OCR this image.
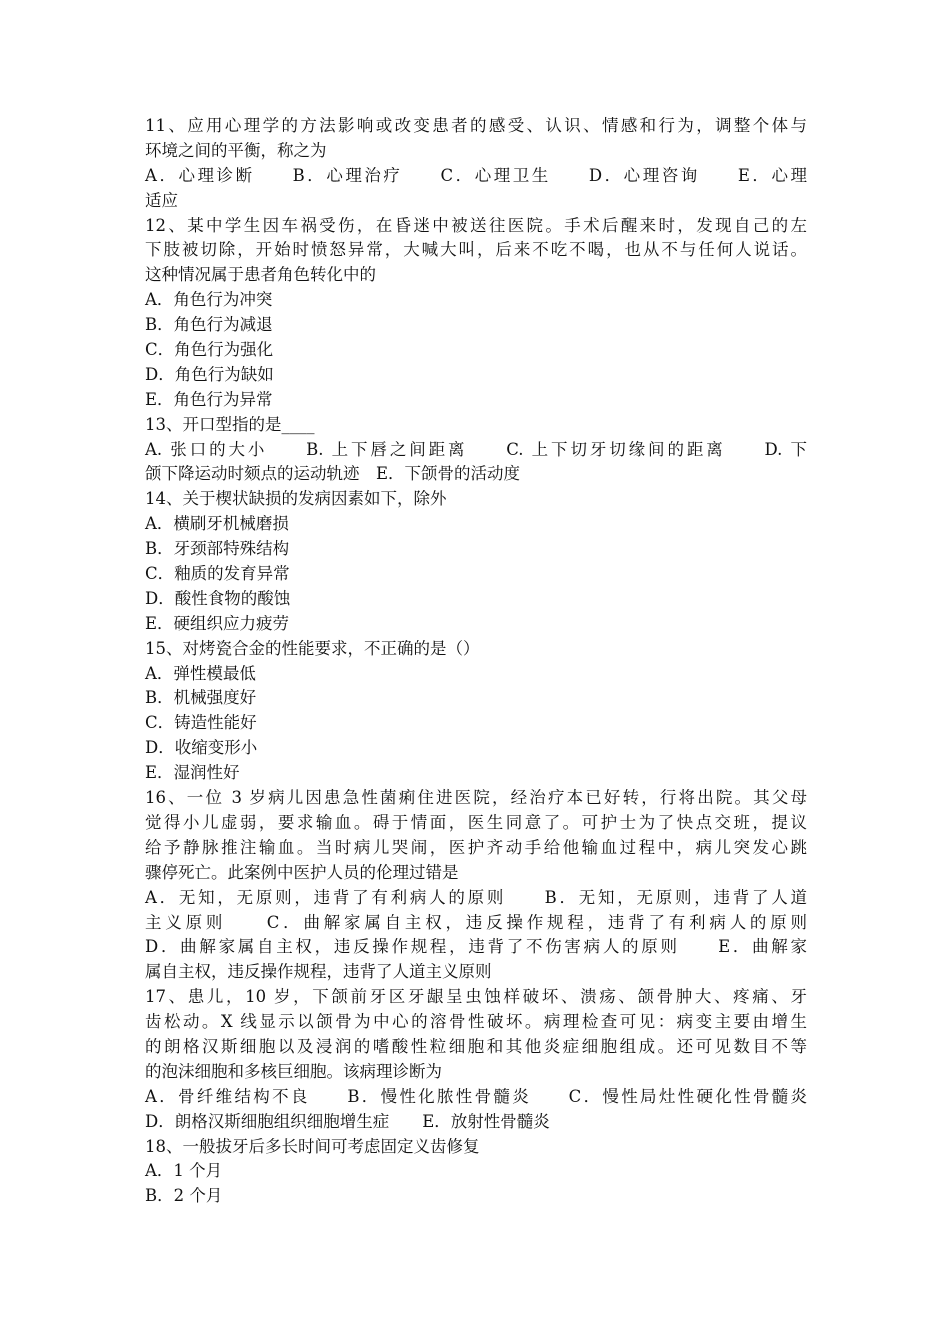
11、应用心理学的方法影响或改变患者的感受、认识、情感和行为，调整个体与
环境之间的平衡，称之为
A．心理诊断　　B．心理治疗　　C．心理卫生　　D．心理咨询　　E．心理
适应
12、某中学生因车祸受伤，在昏迷中被送往医院。手术后醒来时，发现自己的左
下肢被切除，开始时愤怒异常，大喊大叫，后来不吃不喝，也从不与任何人说话。
这种情况属于患者角色转化中的
A．角色行为冲突
B．角色行为减退
C．角色行为强化
D．角色行为缺如
E．角色行为异常
13、开口型指的是____
A. 张口的大小　　B. 上下唇之间距离　　C. 上下切牙切缘间的距离　　D. 下
颌下降运动时颏点的运动轨迹　E．下颌骨的活动度
14、关于楔状缺损的发病因素如下，除外
A．横刷牙机械磨损
B．牙颈部特殊结构
C．釉质的发育异常
D．酸性食物的酸蚀
E．硬组织应力疲劳
15、对烤瓷合金的性能要求，不正确的是（）
A．弹性模最低
B．机械强度好
C．铸造性能好
D．收缩变形小
E．湿润性好
16、一位 3 岁病儿因患急性菌痢住进医院，经治疗本已好转，行将出院。其父母
觉得小儿虚弱，要求输血。碍于情面，医生同意了。可护士为了快点交班，提议
给予静脉推注输血。当时病儿哭闹，医护齐动手给他输血过程中，病儿突发心跳
骤停死亡。此案例中医护人员的伦理过错是
A．无知，无原则，违背了有利病人的原则　　B．无知，无原则，违背了人道
主义原则　　C．曲解家属自主权，违反操作规程，违背了有利病人的原则
D．曲解家属自主权，违反操作规程，违背了不伤害病人的原则　　E．曲解家
属自主权，违反操作规程，违背了人道主义原则
17、患儿，10 岁，下颌前牙区牙龈呈虫蚀样破坏、溃疡、颌骨肿大、疼痛、牙
齿松动。X 线显示以颌骨为中心的溶骨性破坏。病理检查可见：病变主要由增生
的朗格汉斯细胞以及浸润的嗜酸性粒细胞和其他炎症细胞组成。还可见数目不等
的泡沫细胞和多核巨细胞。该病理诊断为
A．骨纤维结构不良　　B．慢性化脓性骨髓炎　　C．慢性局灶性硬化性骨髓炎
D．朗格汉斯细胞组织细胞增生症　　E．放射性骨髓炎
18、一般拔牙后多长时间可考虑固定义齿修复
A．1 个月
B．2 个月
